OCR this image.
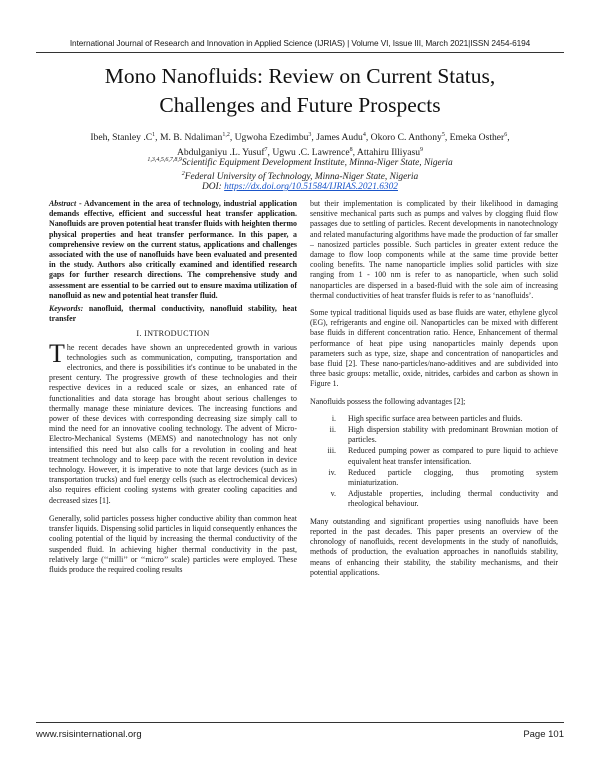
International Journal of Research and Innovation in Applied Science (IJRIAS) | Volume VI, Issue III, March 2021|ISSN 2454-6194
Mono Nanofluids: Review on Current Status,
Challenges and Future Prospects
Ibeh, Stanley $.C^1$, M. B. Ndaliman$^{1,2}$, Ugwoha Ezedimbu$^3$, James Audu$^4$, Okoro C. Anthony$^5$, Emeka Osther$^6$,
Abdulganiyu .L. Yusuf$^7$, Ugwu .C. Lawrence$^8$, Attahiru Illiyasu$^9$
$^{1,3,4,5,6,7,8,9}$Scientific Equipment Development Institute, Minna-Niger State, Nigeria
$^2$Federal University of Technology, Minna-Niger State, Nigeria
DOI: https://dx.doi.org/10.51584/IJRIAS.2021.6302

Abstract - Advancement in the area of technology, industrial application demands effective, efficient and successful heat transfer application. Nanofluids are proven potential heat transfer fluids with heighten thermo physical properties and heat transfer performance. In this paper, a comprehensive review on the current status, applications and challenges associated with the use of nanofluids have been evaluated and presented in the study. Authors also critically examined and identified research gaps for further research directions. The comprehensive study and assessment are essential to be carried out to ensure maxima utilization of nanofluid as new and potential heat transfer fluid.

Keywords: nanofluid, thermal conductivity, nanofluid stability, heat transfer

I. INTRODUCTION

The recent decades have shown an unprecedented growth in various technologies such as communication, computing, transportation and electronics, and there is possibilities it's continue to be unabated in the present century. The progressive growth of these technologies and their respective devices in a reduced scale or sizes, an enhanced rate of functionalities and data storage has brought about serious challenges to thermally manage these miniature devices. The increasing functions and power of these devices with corresponding decreasing size simply call to mind the need for an innovative cooling technology. The advent of Micro-Electro-Mechanical Systems (MEMS) and nanotechnology has not only intensified this need but also calls for a revolution in cooling and heat treatment technology and to keep pace with the recent revolution in device technology. However, it is imperative to note that large devices (such as in transportation trucks) and fuel energy cells (such as electrochemical devices) also requires efficient cooling systems with greater cooling capacities and decreased sizes [1].

Generally, solid particles possess higher conductive ability than common heat transfer liquids. Dispensing solid particles in liquid consequently enhances the cooling potential of the liquid by increasing the thermal conductivity of the suspended fluid. In achieving higher thermal conductivity in the past, relatively large (‘‘milli’’ or ‘‘micro’’ scale) particles were employed. These fluids produce the required cooling results

but their implementation is complicated by their likelihood in damaging sensitive mechanical parts such as pumps and valves by clogging fluid flow passages due to settling of particles. Recent developments in nanotechnology and related manufacturing algorithms have made the production of far smaller – nanosized particles possible. Such particles in greater extent reduce the damage to flow loop components while at the same time provide better cooling benefits. The name nanoparticle implies solid particles with size ranging from 1 - 100 nm is refer to as nanoparticle, when such solid nanoparticles are dispersed in a based-fluid with the sole aim of increasing thermal conductivities of heat transfer fluids is refer to as ‘nanofluids’.

Some typical traditional liquids used as base fluids are water, ethylene glycol (EG), refrigerants and engine oil. Nanoparticles can be mixed with different base fluids in different concentration ratio. Hence, Enhancement of thermal performance of heat pipe using nanoparticles mainly depends upon parameters such as type, size, shape and concentration of nanoparticles and base fluid [2]. These nano-particles/nano-additives and are subdivided into three basic groups: metallic, oxide, nitrides, carbides and carbon as shown in Figure 1.

Nanofluids possess the following advantages [2];

i. High specific surface area between particles and fluids.
ii. High dispersion stability with predominant Brownian motion of particles.
iii. Reduced pumping power as compared to pure liquid to achieve equivalent heat transfer intensification.
iv. Reduced particle clogging, thus promoting system miniaturization.
v. Adjustable properties, including thermal conductivity and rheological behaviour.

Many outstanding and significant properties using nanofluids have been reported in the past decades. This paper presents an overview of the chronology of nanofluids, recent developments in the study of nanofluids, methods of production, the evaluation approaches in nanofluids stability, means of enhancing their stability, the stability mechanisms, and their potential applications.

www.rsisinternational.org	Page 101
